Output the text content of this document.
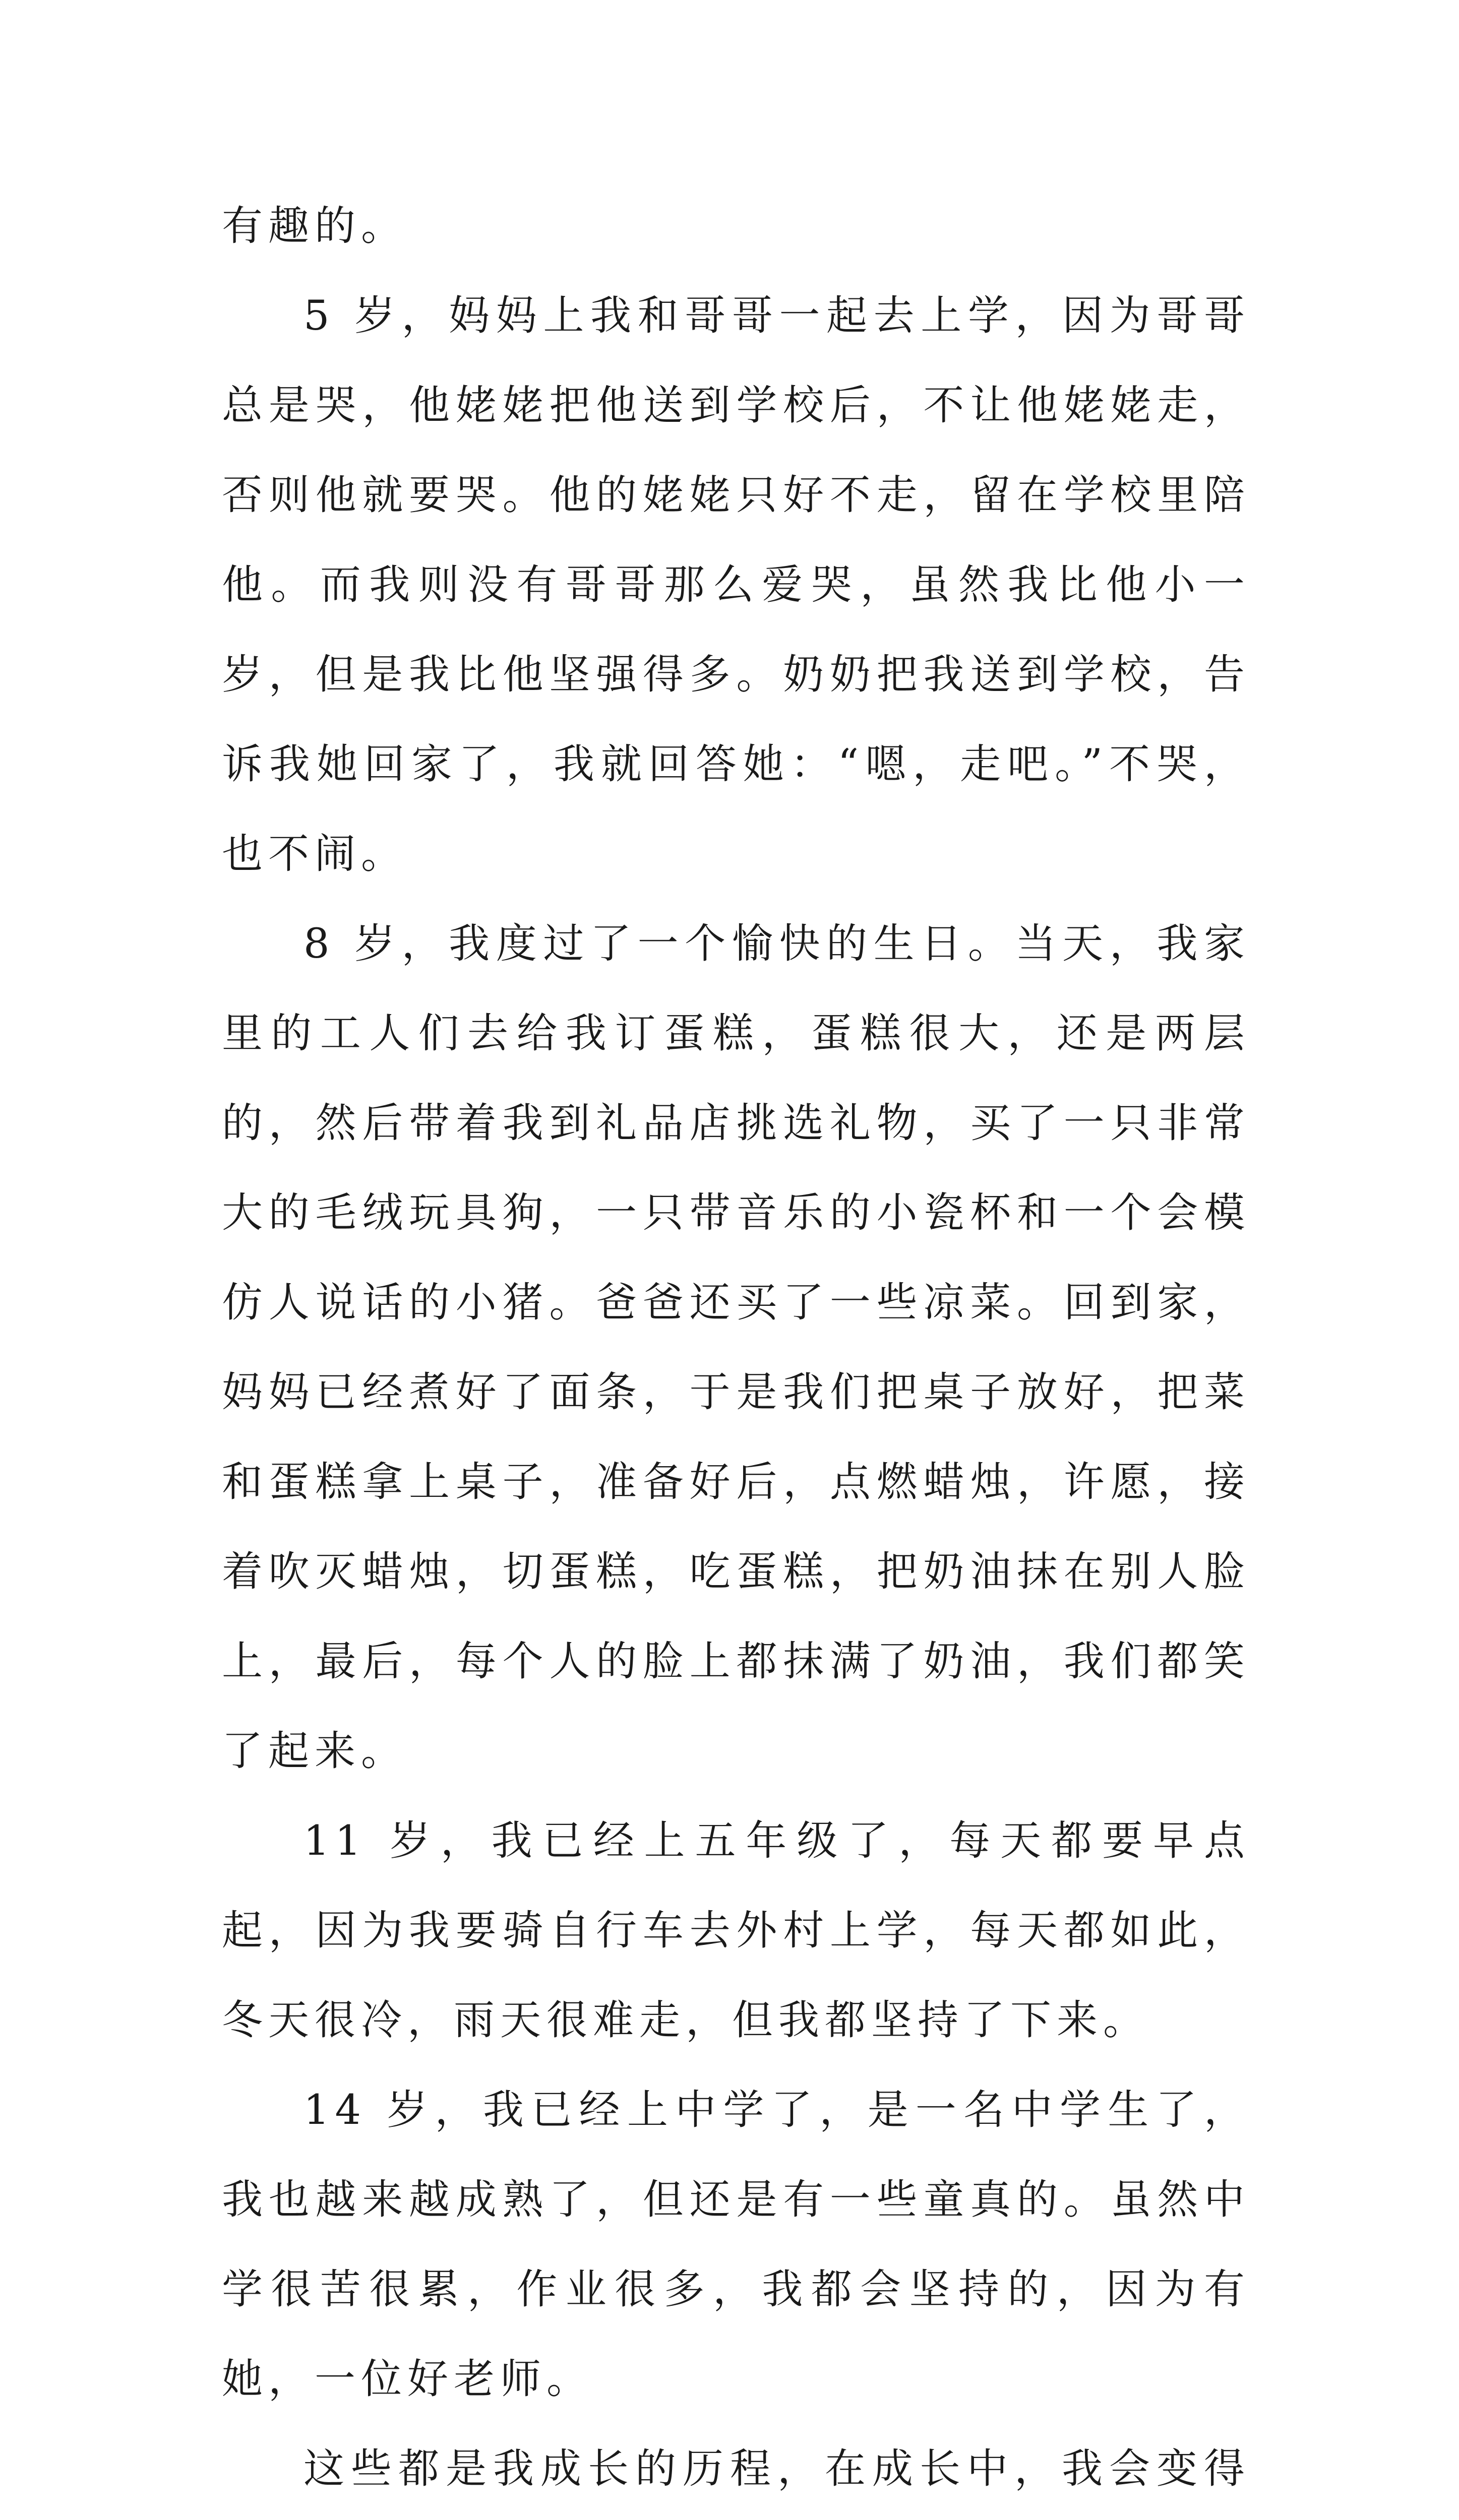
有趣的。

5 岁，妈妈上我和哥哥一起去上学，因为哥哥总是哭，他姥姥把他送到学校后，不让他姥姥走，否则他就要哭。他的姥姥只好不走，留在学校里陪他。而我则没有哥哥那么爱哭，虽然我比他小一岁，但是我比他坚强得多。奶奶把我送到学校，告诉我她回家了，我就回答她：“嗯，走吧。”不哭，也不闹。

8 岁，我度过了一个愉快的生日。当天，我家里的工人们去给我订蛋糕，蛋糕很大，还是两层的，然后带着我到礼品店挑选礼物，买了一只非常大的毛绒玩具狗，一只带音乐的小瓷杯和一个会模仿人说话的小猪。爸爸还买了一些凉菜。回到家，妈妈已经煮好了面条，于是我们把桌子放好，把菜和蛋糕拿上桌子，准备好后，点燃蜡烛，许愿，接着吹灭蜡烛，切蛋糕，吃蛋糕，把奶油抹在别人脸上，最后，每个人的脸上都抹满了奶油，我们都笑了起来。

11 岁，我已经上五年级了，每天都要早点起，因为我要骑自行车去外村上学，每天都如此，冬天很冷，雨天很难走，但我都坚持了下来。

14 岁，我已经上中学了，是一名中学生了，我也越来越成熟了，但还是有一些童真的。虽然中学很苦很累，作业很多，我都会坚持的，因为有她，一位好老师。

这些都是我成长的历程，在成长中，我会变得
